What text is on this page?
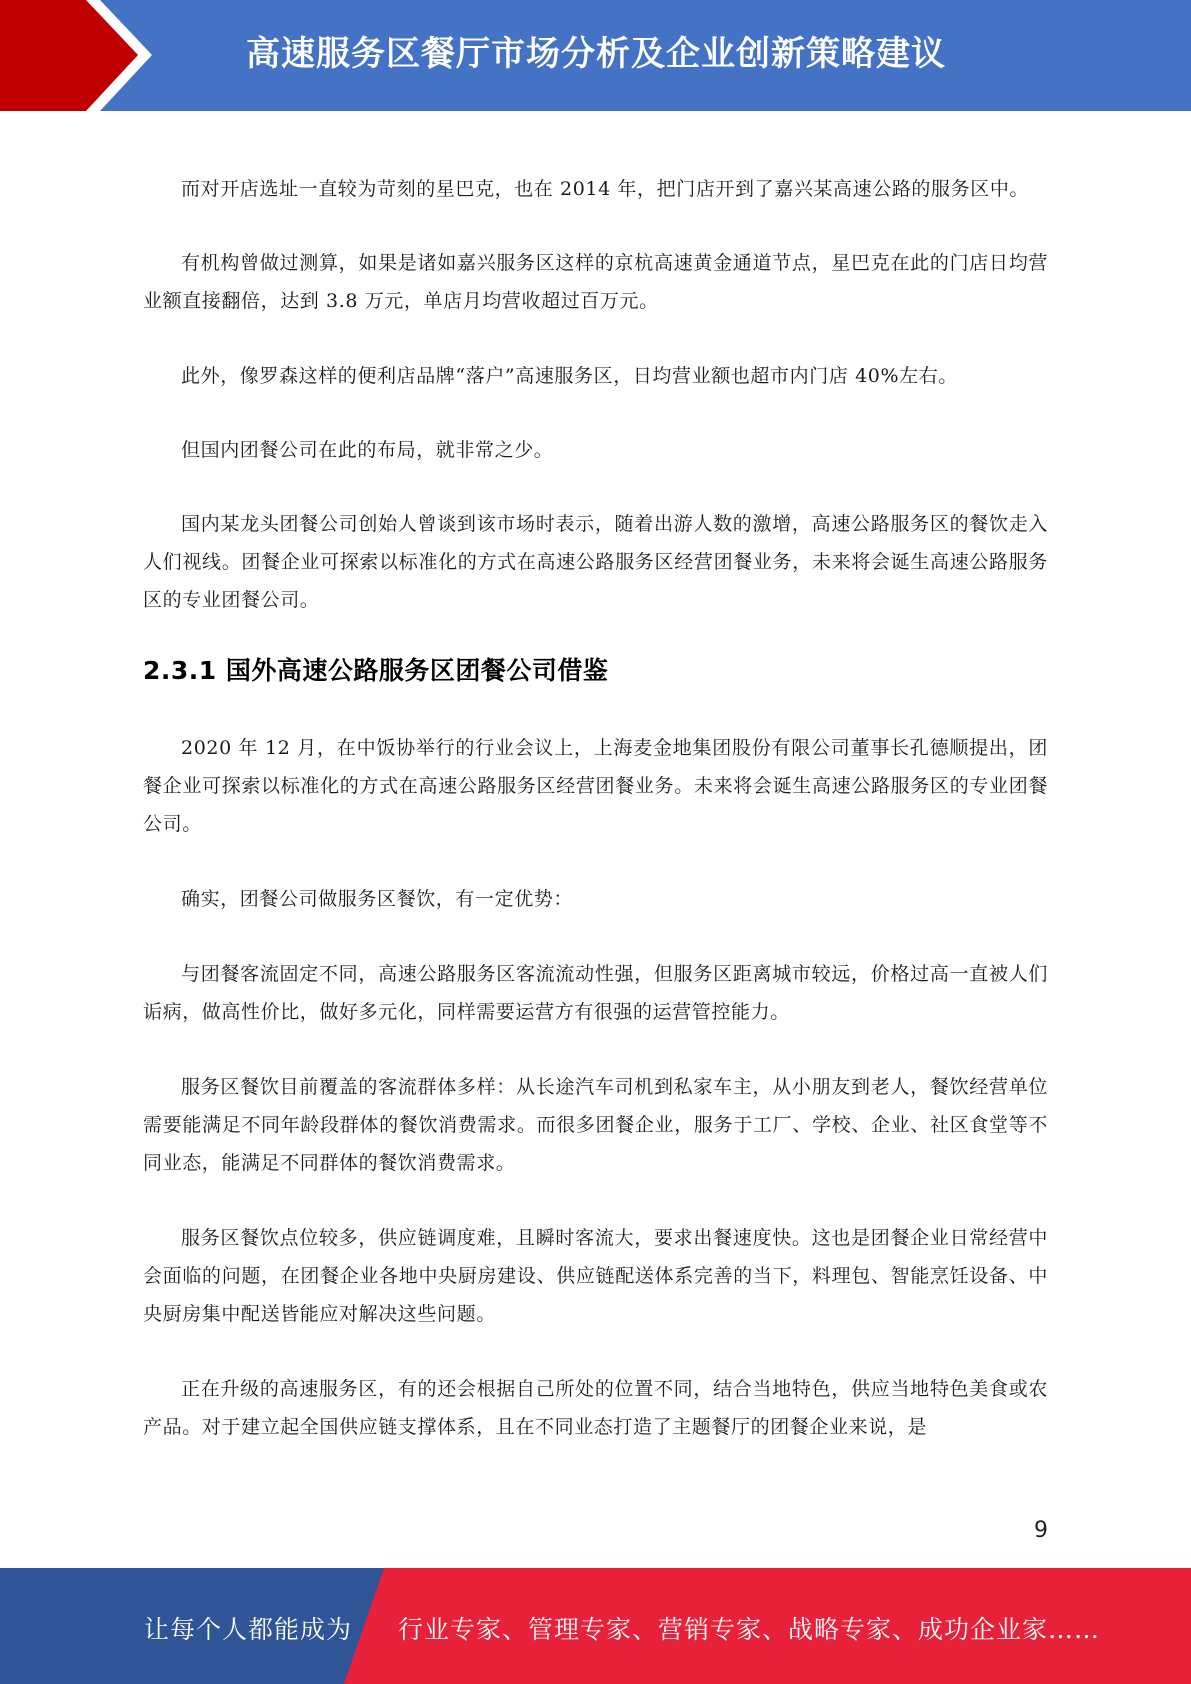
高速服务区餐厅市场分析及企业创新策略建议

而对开店选址一直较为苛刻的星巴克，也在 2014 年，把门店开到了嘉兴某高速公路的服务区中。

有机构曾做过测算，如果是诸如嘉兴服务区这样的京杭高速黄金通道节点，星巴克在此的门店日均营业额直接翻倍，达到 3.8 万元，单店月均营收超过百万元。

此外，像罗森这样的便利店品牌“落户”高速服务区，日均营业额也超市内门店 40%左右。

但国内团餐公司在此的布局，就非常之少。

国内某龙头团餐公司创始人曾谈到该市场时表示，随着出游人数的激增，高速公路服务区的餐饮走入人们视线。团餐企业可探索以标准化的方式在高速公路服务区经营团餐业务，未来将会诞生高速公路服务区的专业团餐公司。

2.3.1 国外高速公路服务区团餐公司借鉴

2020 年 12 月，在中饭协举行的行业会议上，上海麦金地集团股份有限公司董事长孔德顺提出，团餐企业可探索以标准化的方式在高速公路服务区经营团餐业务。未来将会诞生高速公路服务区的专业团餐公司。

确实，团餐公司做服务区餐饮，有一定优势：

与团餐客流固定不同，高速公路服务区客流流动性强，但服务区距离城市较远，价格过高一直被人们诟病，做高性价比，做好多元化，同样需要运营方有很强的运营管控能力。

服务区餐饮目前覆盖的客流群体多样：从长途汽车司机到私家车主，从小朋友到老人，餐饮经营单位需要能满足不同年龄段群体的餐饮消费需求。而很多团餐企业，服务于工厂、学校、企业、社区食堂等不同业态，能满足不同群体的餐饮消费需求。

服务区餐饮点位较多，供应链调度难，且瞬时客流大，要求出餐速度快。这也是团餐企业日常经营中会面临的问题，在团餐企业各地中央厨房建设、供应链配送体系完善的当下，料理包、智能烹饪设备、中央厨房集中配送皆能应对解决这些问题。

正在升级的高速服务区，有的还会根据自己所处的位置不同，结合当地特色，供应当地特色美食或农产品。对于建立起全国供应链支撑体系，且在不同业态打造了主题餐厅的团餐企业来说，是

9
让每个人都能成为 行业专家、管理专家、营销专家、战略专家、成功企业家……
